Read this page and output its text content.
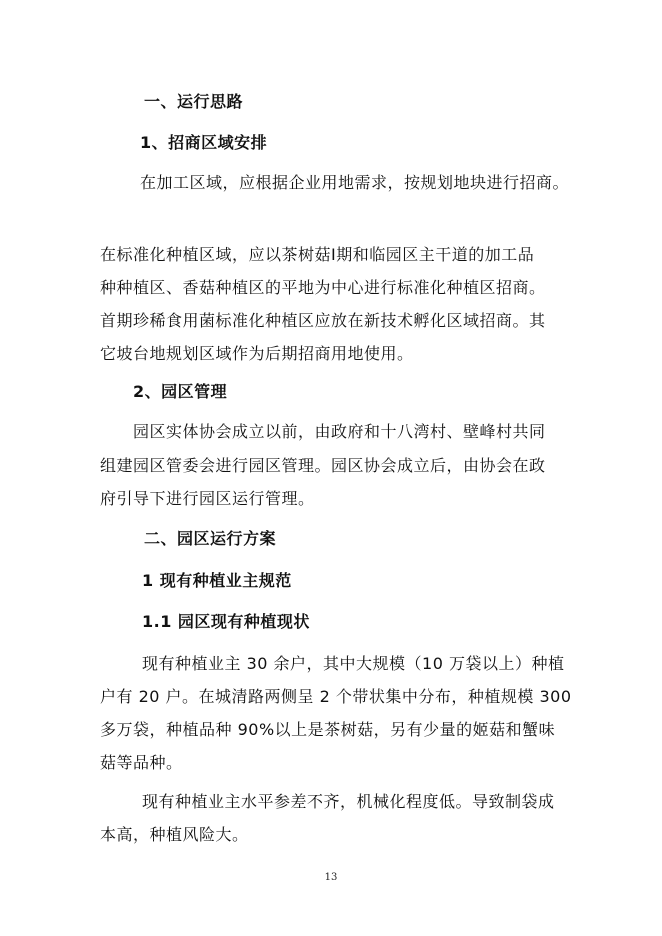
一、运行思路
1、招商区域安排
在加工区域，应根据企业用地需求，按规划地块进行招商。
在标准化种植区域，应以茶树菇Ⅰ期和临园区主干道的加工品
种种植区、香菇种植区的平地为中心进行标准化种植区招商。
首期珍稀食用菌标准化种植区应放在新技术孵化区域招商。其
它坡台地规划区域作为后期招商用地使用。
2、园区管理
园区实体协会成立以前，由政府和十八湾村、壁峰村共同
组建园区管委会进行园区管理。园区协会成立后，由协会在政
府引导下进行园区运行管理。
二、园区运行方案
1 现有种植业主规范
1.1 园区现有种植现状
现有种植业主 30 余户，其中大规模（10 万袋以上）种植
户有 20 户。在城清路两侧呈 2 个带状集中分布，种植规模 300
多万袋，种植品种 90%以上是茶树菇，另有少量的姬菇和蟹味
菇等品种。
现有种植业主水平参差不齐，机械化程度低。导致制袋成
本高，种植风险大。
13
